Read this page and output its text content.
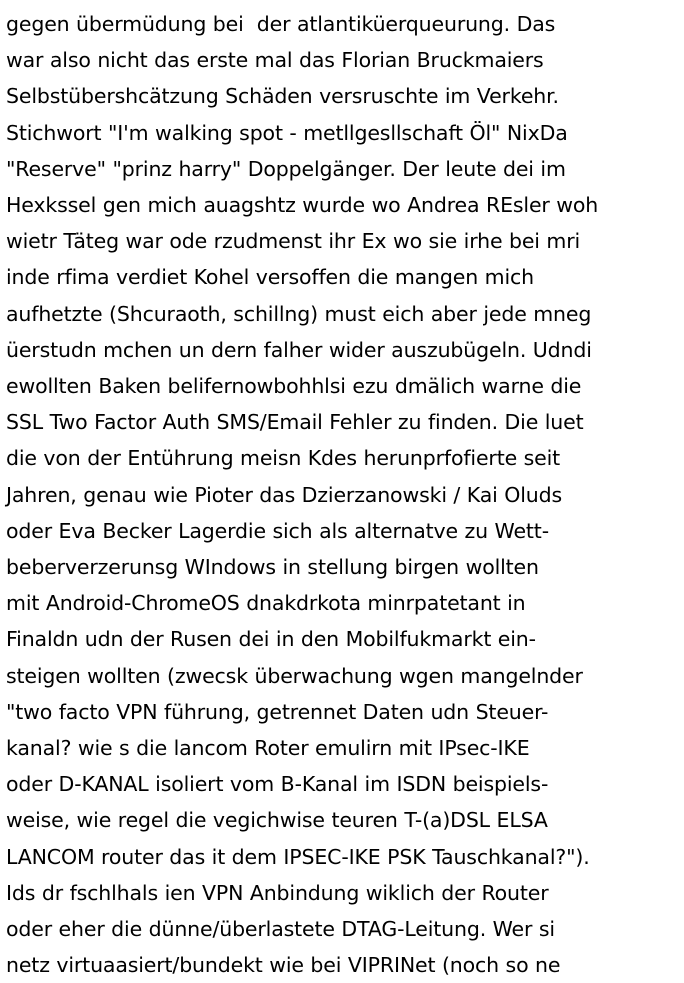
gegen übermüdung bei  der atlantiküerqueurung. Das
war also nicht das erste mal das Florian Bruckmaiers
Selbstübershcätzung Schäden versruschte im Verkehr.
Stichwort "I'm walking spot - metllgesllschaft Öl" NixDa
"Reserve" "prinz harry" Doppelgänger. Der leute dei im
Hexkssel gen mich auagshtz wurde wo Andrea REsler woh
wietr Täteg war ode rzudmenst ihr Ex wo sie irhe bei mri
inde rfima verdiet Kohel versoffen die mangen mich
aufhetzte (Shcuraoth, schillng) must eich aber jede mneg
üerstudn mchen un dern falher wider auszubügeln. Udndi
ewollten Baken belifernowbohhlsi ezu dmälich warne die
SSL Two Factor Auth SMS/Email Fehler zu finden. Die luet
die von der Entührung meisn Kdes herunprfofierte seit
Jahren, genau wie Pioter das Dzierzanowski / Kai Oluds
oder Eva Becker Lagerdie sich als alternatve zu Wett-
beberverzerunsg WIndows in stellung birgen wollten
mit Android-ChromeOS dnakdrkota minrpatetant in
Finaldn udn der Rusen dei in den Mobilfukmarkt ein-
steigen wollten (zwecsk überwachung wgen mangelnder
"two facto VPN führung, getrennet Daten udn Steuer-
kanal? wie s die lancom Roter emulirn mit IPsec-IKE
oder D-KANAL isoliert vom B-Kanal im ISDN beispiels-
weise, wie regel die vegichwise teuren T-(a)DSL ELSA
LANCOM router das it dem IPSEC-IKE PSK Tauschkanal?").
Ids dr fschlhals ien VPN Anbindung wiklich der Router
oder eher die dünne/überlastete DTAG-Leitung. Wer si
netz virtuaasiert/bundekt wie bei VIPRINet (noch so ne
